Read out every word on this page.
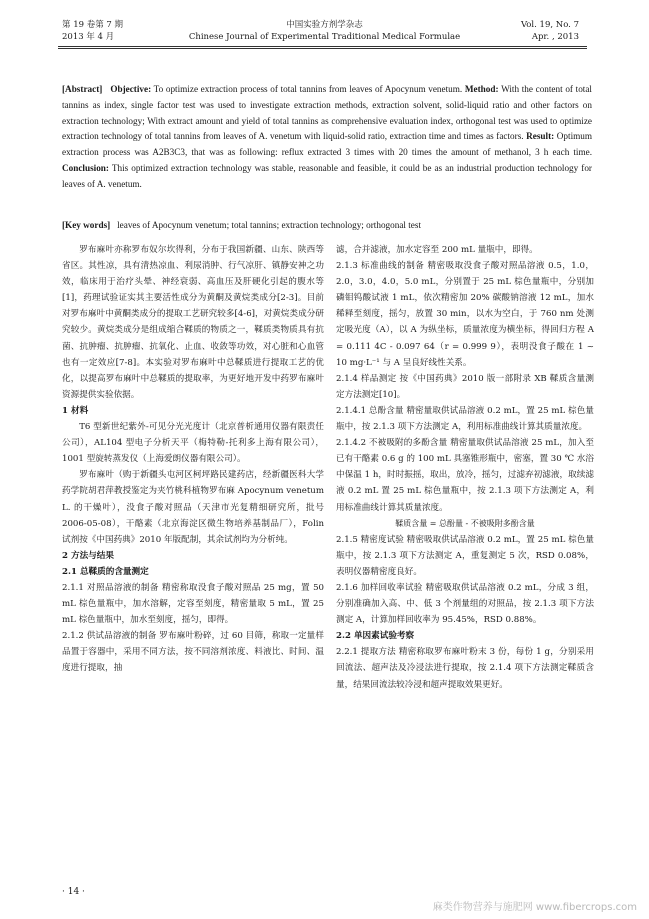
第 19 卷第 7 期
2013 年 4 月
中国实验方剂学杂志
Chinese Journal of Experimental Traditional Medical Formulae
Vol. 19, No. 7
Apr. , 2013
[Abstract] Objective: To optimize extraction process of total tannins from leaves of Apocynum venetum. Method: With the content of total tannins as index, single factor test was used to investigate extraction methods, extraction solvent, solid-liquid ratio and other factors on extraction technology; With extract amount and yield of total tannins as comprehensive evaluation index, orthogonal test was used to optimize extraction technology of total tannins from leaves of A. venetum with liquid-solid ratio, extraction time and times as factors. Result: Optimum extraction process was A2B3C3, that was as following: reflux extracted 3 times with 20 times the amount of methanol, 3 h each time. Conclusion: This optimized extraction technology was stable, reasonable and feasible, it could be as an industrial production technology for leaves of A. venetum.
[Key words] leaves of Apocynum venetum; total tannins; extraction technology; orthogonal test

罗布麻叶亦称罗布奴尔坎得利，分布于我国新疆、山东、陕西等省区。其性凉，具有清热凉血、利尿消肿、行气凉肝、镇静安神之功效，临床用于治疗头晕、神经衰弱、高血压及肝硬化引起的腹水等[1]，药理试验证实其主要活性成分为黄酮及黄烷类成分[2-3]。目前对罗布麻叶中黄酮类成分的提取工艺研究较多[4-6]，对黄烷类成分研究较少。黄烷类成分是组成缩合鞣质的物质之一，鞣质类物质具有抗菌、抗肿瘤、抗肿瘤、抗氧化、止血、收敛等功效，对心脏和心血管也有一定效应[7-8]。本实验对罗布麻叶中总鞣质进行提取工艺的优化，以提高罗布麻叶中总鞣质的提取率，为更好地开发中药罗布麻叶资源提供实验依据。

1 材料

T6 型新世纪紫外-可见分光光度计（北京普析通用仪器有限责任公司），AL104 型电子分析天平（梅特勒-托利多上海有限公司），1001 型旋转蒸发仪（上海爱朗仪器有限公司）。

罗布麻叶（购于新疆头屯河区柯坪路民建药店，经新疆医科大学药学院胡君萍教授鉴定为夹竹桃科植物罗布麻 Apocynum venetum L. 的干燥叶），没食子酸对照品（天津市光复精细研究所，批号 2006-05-08），干酪素（北京海淀区微生物培养基制品厂），Folin 试剂按《中国药典》2010 年版配制，其余试剂均为分析纯。

2 方法与结果

2.1 总鞣质的含量测定

2.1.1 对照品溶液的制备 精密称取没食子酸对照品 25 mg，置 50 mL 棕色量瓶中，加水溶解，定容至刻度，精密量取 5 mL，置 25 mL 棕色量瓶中，加水至刻度，摇匀，即得。

2.1.2 供试品溶液的制备 罗布麻叶粉碎，过 60 目筛，称取一定量样品置于容器中，采用不同方法，按不同溶剂浓度、料液比、时间、温度进行提取，抽

滤，合并滤液，加水定容至 200 mL 量瓶中，即得。

2.1.3 标准曲线的制备 精密吸取没食子酸对照品溶液 0.5，1.0，2.0，3.0，4.0，5.0 mL，分别置于 25 mL 棕色量瓶中，分别加磷钼钨酸试液 1 mL，依次精密加 20% 碳酸钠溶液 12 mL，加水稀释至刻度，摇匀，放置 30 min，以水为空白，于 760 nm 处测定吸光度（A），以 A 为纵坐标，质量浓度为横坐标，得回归方程 A = 0.111 4C - 0.097 64（r = 0.999 9），表明没食子酸在 1 ~ 10 mg·L⁻¹ 与 A 呈良好线性关系。

2.1.4 样品测定 按《中国药典》2010 版一部附录 XB 鞣质含量测定方法测定[10]。

2.1.4.1 总酚含量 精密量取供试品溶液 0.2 mL，置 25 mL 棕色量瓶中，按 2.1.3 项下方法测定 A，利用标准曲线计算其质量浓度。

2.1.4.2 不被吸附的多酚含量 精密量取供试品溶液 25 mL，加入至已有干酪素 0.6 g 的 100 mL 具塞锥形瓶中，密塞，置 30 ℃ 水浴中保温 1 h，时时振摇，取出，放冷，摇匀，过滤弃初滤液，取续滤液 0.2 mL 置 25 mL 棕色量瓶中，按 2.1.3 项下方法测定 A，利用标准曲线计算其质量浓度。

鞣质含量 = 总酚量 - 不被吸附多酚含量

2.1.5 精密度试验 精密吸取供试品溶液 0.2 mL，置 25 mL 棕色量瓶中，按 2.1.3 项下方法测定 A，重复测定 5 次，RSD 0.08%，表明仪器精密度良好。

2.1.6 加样回收率试验 精密吸取供试品溶液 0.2 mL，分成 3 组，分别准确加入高、中、低 3 个剂量组的对照品，按 2.1.3 项下方法测定 A，计算加样回收率为 95.45%，RSD 0.88%。

2.2 单因素试验考察

2.2.1 提取方法 精密称取罗布麻叶粉末 3 份，每份 1 g，分别采用回流法、超声法及冷浸法进行提取，按 2.1.4 项下方法测定鞣质含量，结果回流法较冷浸和超声提取效果更好。

· 14 ·
麻类作物营养与施肥网 www.fibercrops.com
